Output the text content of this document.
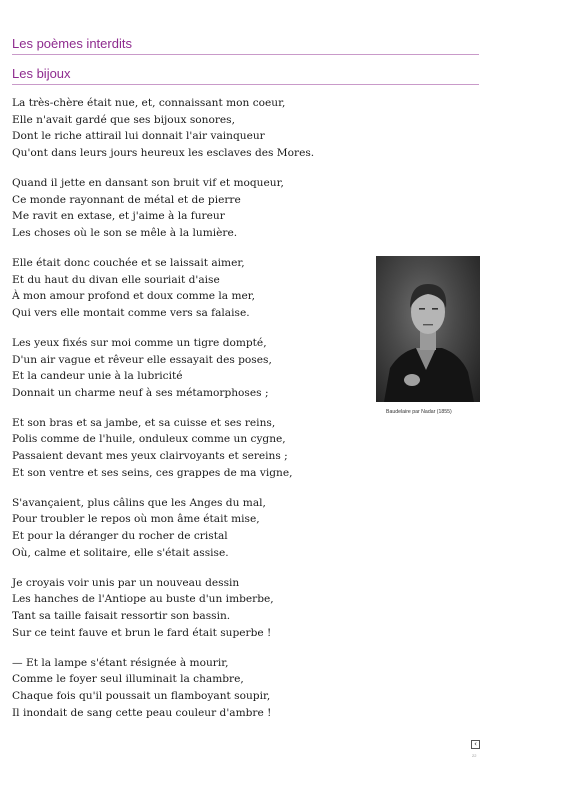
Les poèmes interdits
Les bijoux
La très-chère était nue, et, connaissant mon coeur,
Elle n'avait gardé que ses bijoux sonores,
Dont le riche attirail lui donnait l'air vainqueur
Qu'ont dans leurs jours heureux les esclaves des Mores.
Quand il jette en dansant son bruit vif et moqueur,
Ce monde rayonnant de métal et de pierre
Me ravit en extase, et j'aime à la fureur
Les choses où le son se mêle à la lumière.
Elle était donc couchée et se laissait aimer,
Et du haut du divan elle souriait d'aise
À mon amour profond et doux comme la mer,
Qui vers elle montait comme vers sa falaise.
Les yeux fixés sur moi comme un tigre dompté,
D'un air vague et rêveur elle essayait des poses,
Et la candeur unie à la lubricité
Donnait un charme neuf à ses métamorphoses ;
Et son bras et sa jambe, et sa cuisse et ses reins,
Polis comme de l'huile, onduleux comme un cygne,
Passaient devant mes yeux clairvoyants et sereins ;
Et son ventre et ses seins, ces grappes de ma vigne,
S'avançaient, plus câlins que les Anges du mal,
Pour troubler le repos où mon âme était mise,
Et pour la déranger du rocher de cristal
Où, calme et solitaire, elle s'était assise.
Je croyais voir unis par un nouveau dessin
Les hanches de l'Antiope au buste d'un imberbe,
Tant sa taille faisait ressortir son bassin.
Sur ce teint fauve et brun le fard était superbe !
— Et la lampe s'étant résignée à mourir,
Comme le foyer seul illuminait la chambre,
Chaque fois qu'il poussait un flamboyant soupir,
Il inondait de sang cette peau couleur d'ambre !
Baudelaire par Nadar (1855)
‹
22
